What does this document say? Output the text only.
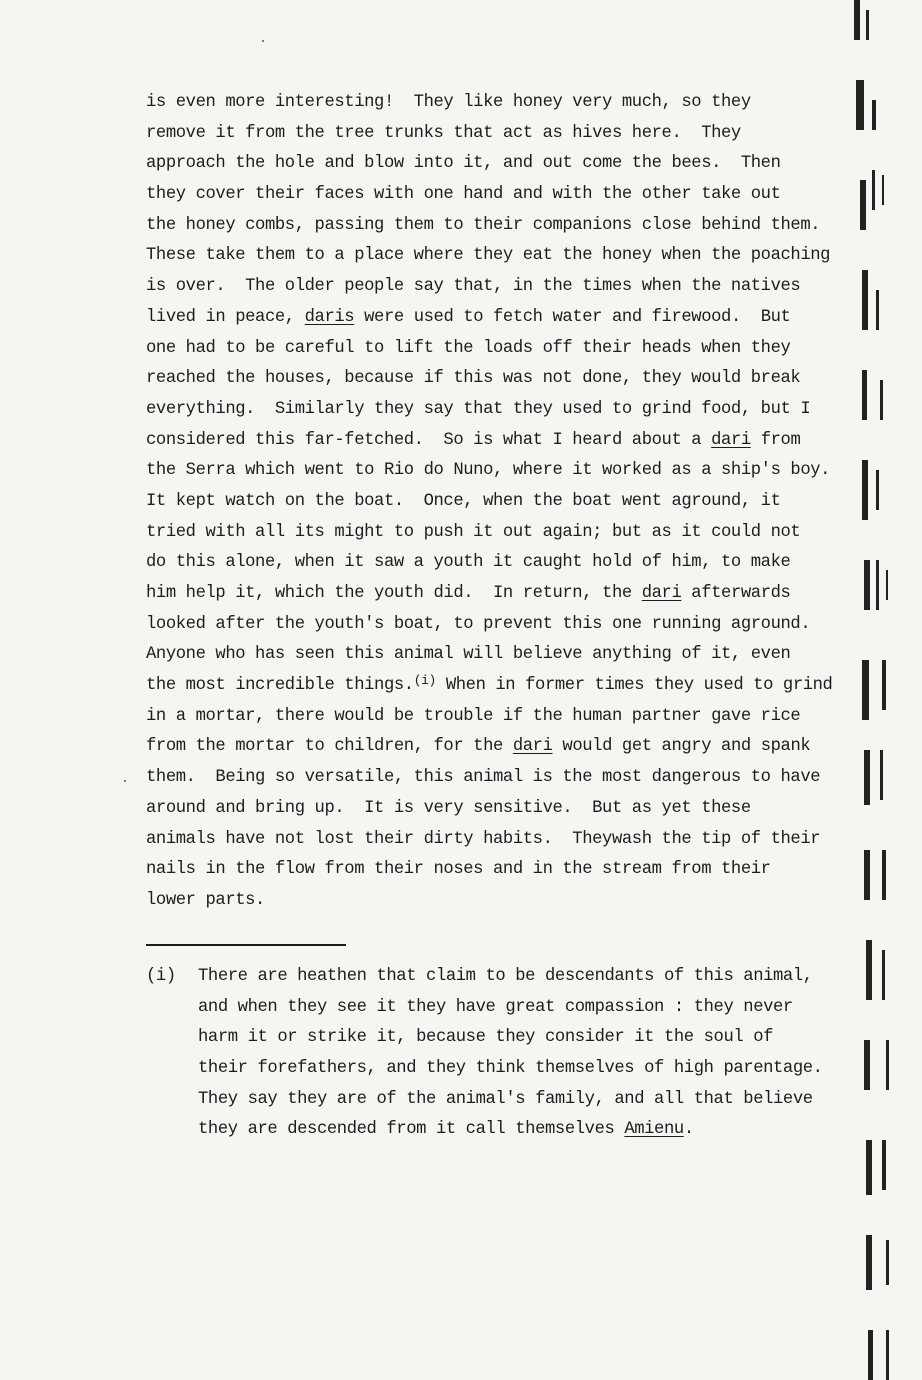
is even more interesting!  They like honey very much, so they
remove it from the tree trunks that act as hives here.  They
approach the hole and blow into it, and out come the bees.  Then
they cover their faces with one hand and with the other take out
the honey combs, passing them to their companions close behind them.
These take them to a place where they eat the honey when the poaching
is over.  The older people say that, in the times when the natives
lived in peace, daris were used to fetch water and firewood.  But
one had to be careful to lift the loads off their heads when they
reached the houses, because if this was not done, they would break
everything.  Similarly they say that they used to grind food, but I
considered this far-fetched.  So is what I heard about a dari from
the Serra which went to Rio do Nuno, where it worked as a ship's boy.
It kept watch on the boat.  Once, when the boat went aground, it
tried with all its might to push it out again; but as it could not
do this alone, when it saw a youth it caught hold of him, to make
him help it, which the youth did.  In return, the dari afterwards
looked after the youth's boat, to prevent this one running aground.
Anyone who has seen this animal will believe anything of it, even
the most incredible things.$^{(i)}$ When in former times they used to grind
in a mortar, there would be trouble if the human partner gave rice
from the mortar to children, for the dari would get angry and spank
them.  Being so versatile, this animal is the most dangerous to have
around and bring up.  It is very sensitive.  But as yet these
animals have not lost their dirty habits.  Theywash the tip of their
nails in the flow from their noses and in the stream from their
lower parts.

(i)

There are heathen that claim to be descendants of this animal,
and when they see it they have great compassion : they never
harm it or strike it, because they consider it the soul of
their forefathers, and they think themselves of high parentage.
They say they are of the animal's family, and all that believe
they are descended from it call themselves Amienu.
